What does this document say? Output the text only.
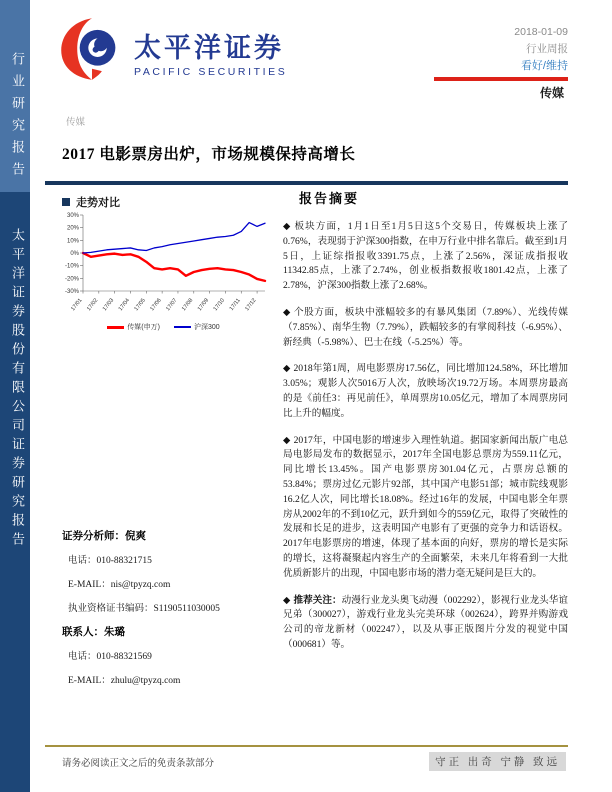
行业研究报告
太平洋证券股份有限公司证券研究报告
太平洋证券
PACIFIC SECURITIES
2018-01-09
行业周报
看好/维持
传媒
传媒
2017 电影票房出炉，市场规模保持高增长
走势对比
30%
20%
10%
0%
-10%
-20%
-30%
17/01 17/02 17/03 17/04 17/05 17/06 17/07 17/08 17/09 17/10 17/11 17/12
传媒(申万)	沪深300
证券分析师：倪爽
电话：010-88321715
E-MAIL：nis@tpyzq.com
执业资格证书编码：S1190511030005
联系人：朱璐
电话：010-88321569
E-MAIL：zhulu@tpyzq.com
报告摘要

◆ 板块方面，1月1日至1月5日这5个交易日，传媒板块上涨了0.76%，表现弱于沪深300指数，在申万行业中排名靠后。截至到1月5日，上证综指报收3391.75点，上涨了2.56%，深证成指报收11342.85点，上涨了2.74%，创业板指数报收1801.42点，上涨了2.78%，沪深300指数上涨了2.68%。

◆ 个股方面，板块中涨幅较多的有暴风集团（7.89%）、光线传媒（7.85%）、南华生物（7.79%），跌幅较多的有掌阅科技（-6.95%）、新经典（-5.98%）、巴士在线（-5.25%）等。

◆ 2018年第1周，周电影票房17.56亿，同比增加124.58%，环比增加3.05%；观影人次5016万人次，放映场次19.72万场。本周票房最高的是《前任3：再见前任》，单周票房10.05亿元，增加了本周票房同比上升的幅度。

◆ 2017年，中国电影的增速步入理性轨道。据国家新闻出版广电总局电影局发布的数据显示，2017年全国电影总票房为559.11亿元，同比增长13.45%。国产电影票房301.04亿元，占票房总额的53.84%；票房过亿元影片92部，其中国产电影51部；城市院线观影16.2亿人次，同比增长18.08%。经过16年的发展，中国电影全年票房从2002年的不到10亿元，跃升到如今的559亿元，取得了突破性的发展和长足的进步，这表明国产电影有了更强的竞争力和话语权。2017年电影票房的增速，体现了基本面的向好，票房的增长是实际的增长，这将凝聚起内容生产的全面繁荣，未来几年将看到一大批优质新影片的出现，中国电影市场的潜力毫无疑问是巨大的。

◆ 推荐关注：动漫行业龙头奥飞动漫（002292），影视行业龙头华谊兄弟（300027），游戏行业龙头完美环球（002624），跨界并购游戏公司的帝龙新材（002247），以及从事正版图片分发的视觉中国（000681）等。

请务必阅读正文之后的免责条款部分	守正 出奇 宁静 致远
